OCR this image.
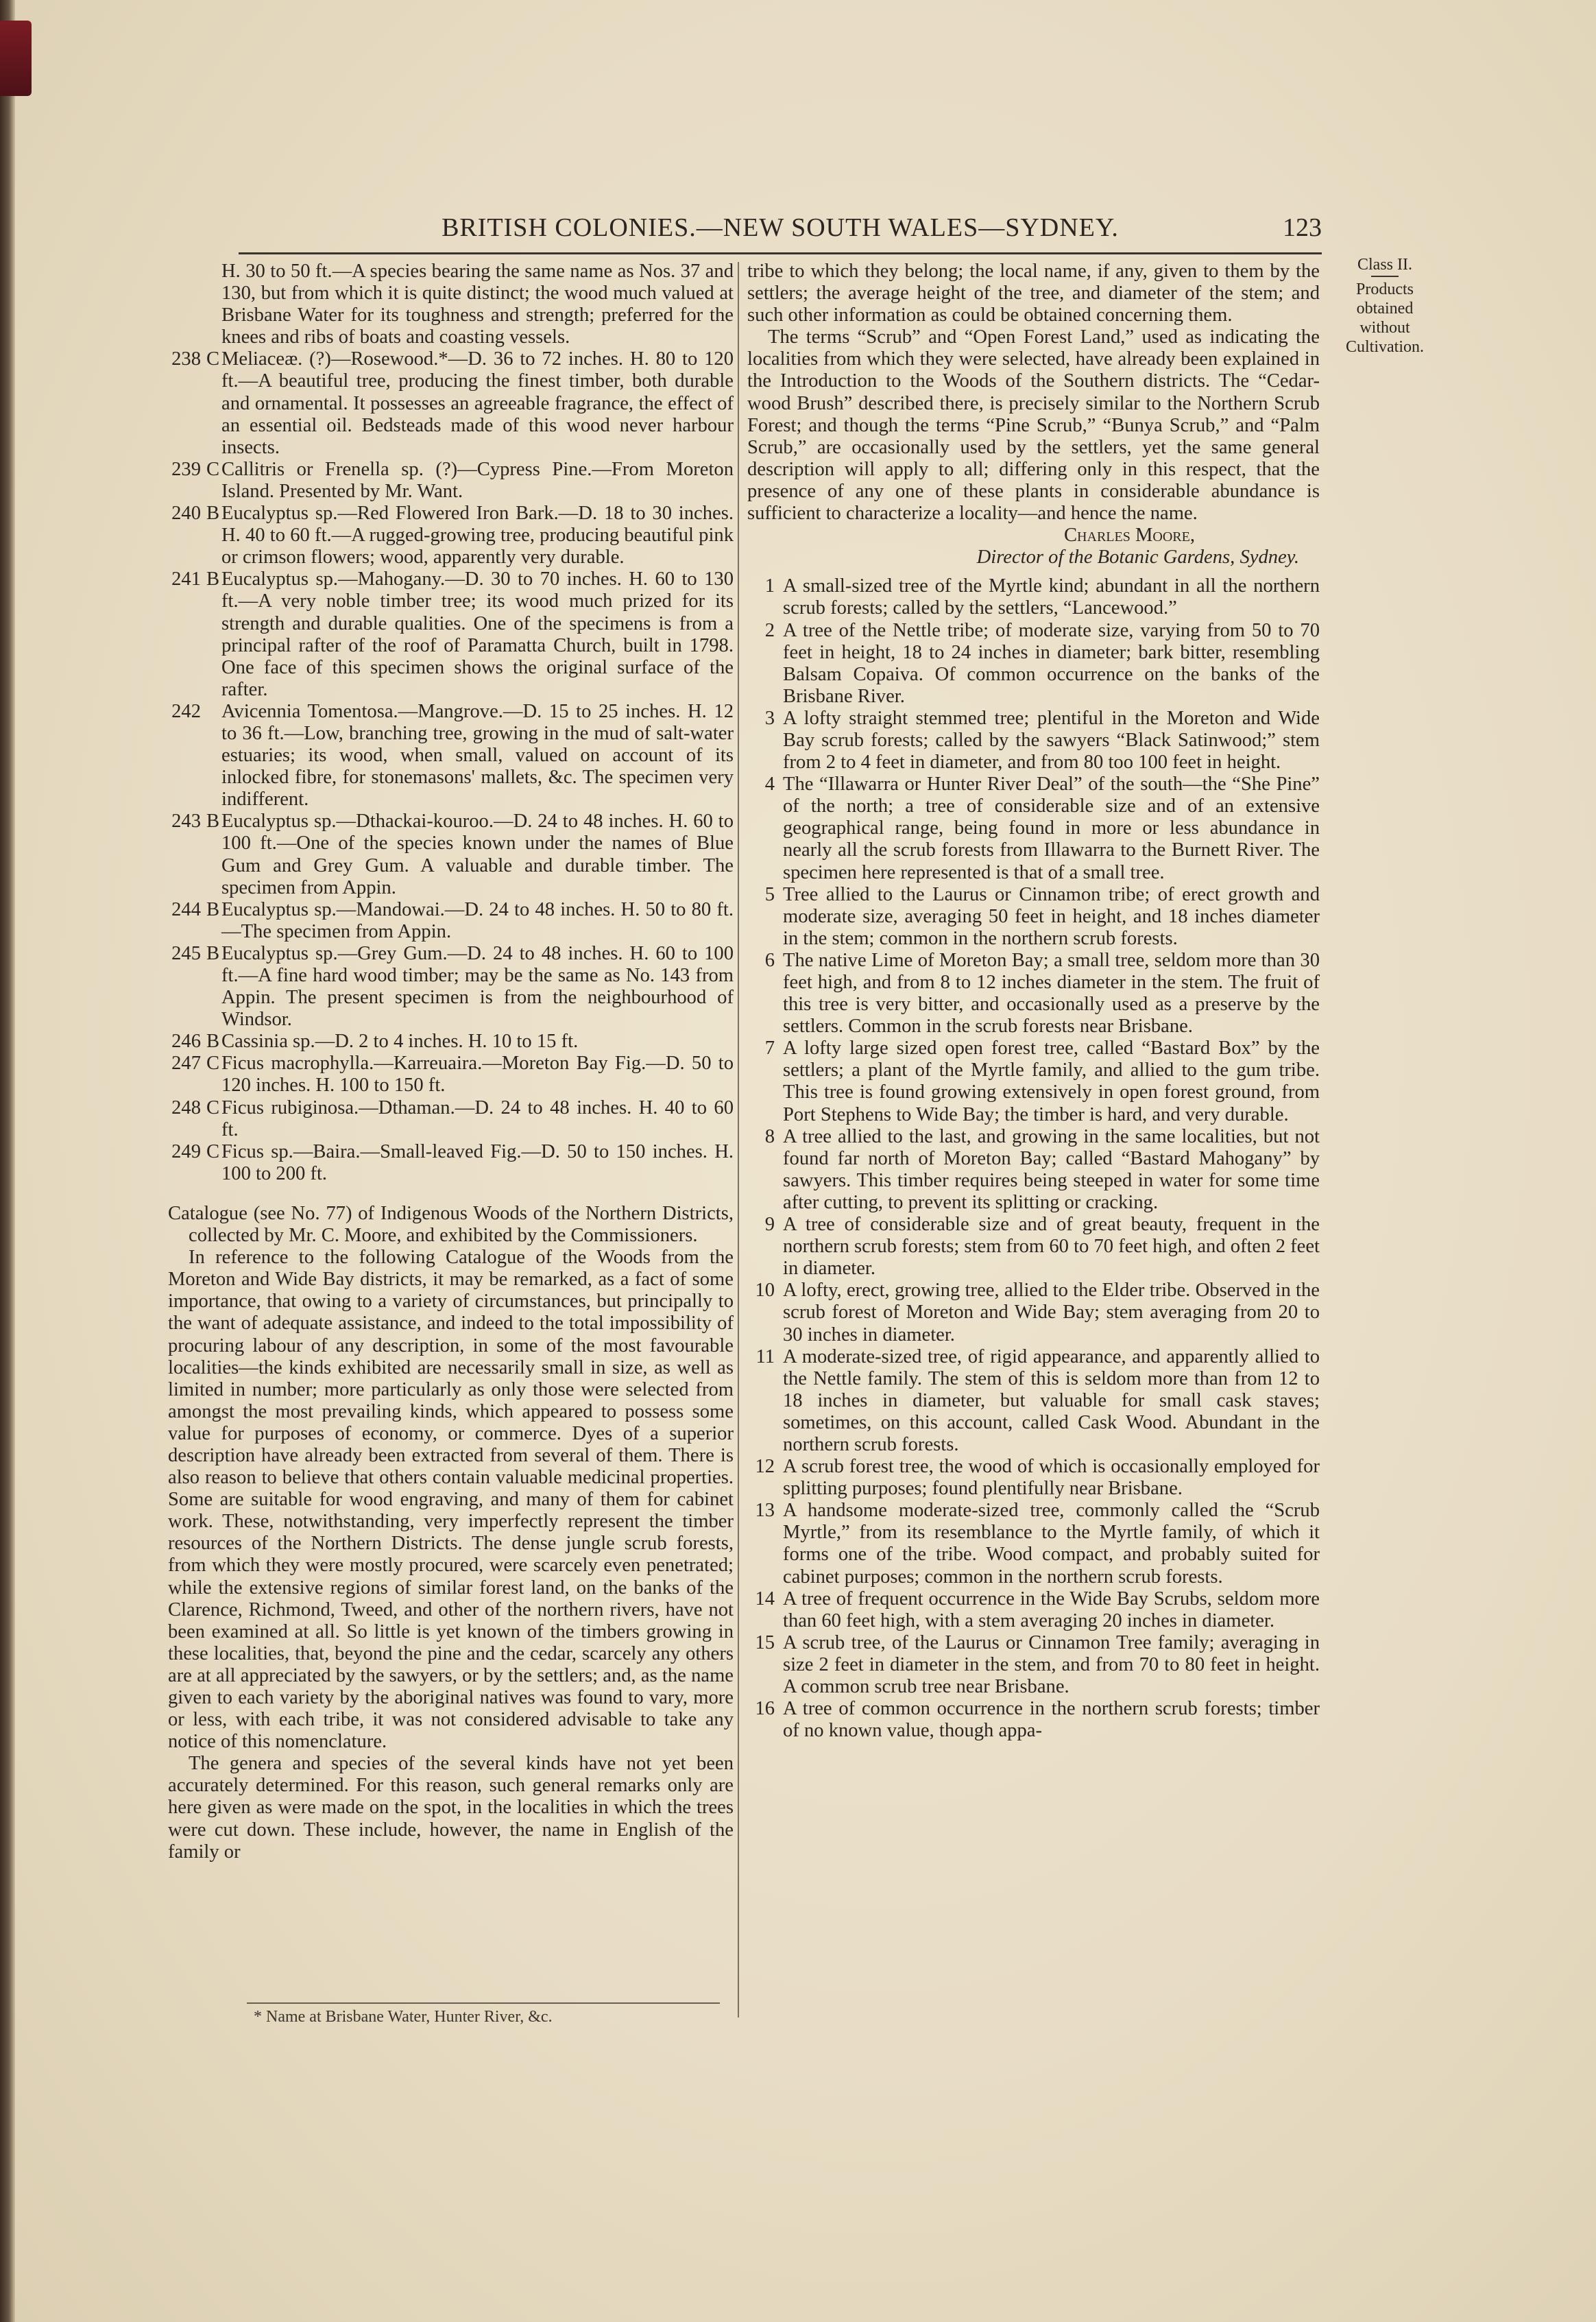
BRITISH COLONIES.—NEW SOUTH WALES—SYDNEY.	123
Class II.
Products
obtained
without
Cultivation.

H. 30 to 50 ft.—A species bearing the same name as Nos. 37 and 130, but from which it is quite distinct; the wood much valued at Brisbane Water for its toughness and strength; preferred for the knees and ribs of boats and coasting vessels.

238 C Meliaceæ. (?)—Rosewood.*—D. 36 to 72 inches. H. 80 to 120 ft.—A beautiful tree, producing the finest timber, both durable and ornamental. It possesses an agreeable fragrance, the effect of an essential oil. Bedsteads made of this wood never harbour insects.
239 C Callitris or Frenella sp. (?)—Cypress Pine.—From Moreton Island. Presented by Mr. Want.
240 B Eucalyptus sp.—Red Flowered Iron Bark.—D. 18 to 30 inches. H. 40 to 60 ft.—A rugged-growing tree, producing beautiful pink or crimson flowers; wood, apparently very durable.
241 B Eucalyptus sp.—Mahogany.—D. 30 to 70 inches. H. 60 to 130 ft.—A very noble timber tree; its wood much prized for its strength and durable qualities. One of the specimens is from a principal rafter of the roof of Paramatta Church, built in 1798. One face of this specimen shows the original surface of the rafter.
242 Avicennia Tomentosa.—Mangrove.—D. 15 to 25 inches. H. 12 to 36 ft.—Low, branching tree, growing in the mud of salt-water estuaries; its wood, when small, valued on account of its inlocked fibre, for stonemasons' mallets, &c. The specimen very indifferent.
243 B Eucalyptus sp.—Dthackai-kouroo.—D. 24 to 48 inches. H. 60 to 100 ft.—One of the species known under the names of Blue Gum and Grey Gum. A valuable and durable timber. The specimen from Appin.
244 B Eucalyptus sp.—Mandowai.—D. 24 to 48 inches. H. 50 to 80 ft.—The specimen from Appin.
245 B Eucalyptus sp.—Grey Gum.—D. 24 to 48 inches. H. 60 to 100 ft.—A fine hard wood timber; may be the same as No. 143 from Appin. The present specimen is from the neighbourhood of Windsor.
246 B Cassinia sp.—D. 2 to 4 inches. H. 10 to 15 ft.
247 C Ficus macrophylla.—Karreuaira.—Moreton Bay Fig.—D. 50 to 120 inches. H. 100 to 150 ft.
248 C Ficus rubiginosa.—Dthaman.—D. 24 to 48 inches. H. 40 to 60 ft.
249 C Ficus sp.—Baira.—Small-leaved Fig.—D. 50 to 150 inches. H. 100 to 200 ft.

Catalogue (see No. 77) of Indigenous Woods of the Northern Districts, collected by Mr. C. Moore, and exhibited by the Commissioners.

In reference to the following Catalogue of the Woods from the Moreton and Wide Bay districts, it may be remarked, as a fact of some importance, that owing to a variety of circumstances, but principally to the want of adequate assistance, and indeed to the total impossibility of procuring labour of any description, in some of the most favourable localities—the kinds exhibited are necessarily small in size, as well as limited in number; more particularly as only those were selected from amongst the most prevailing kinds, which appeared to possess some value for purposes of economy, or commerce. Dyes of a superior description have already been extracted from several of them. There is also reason to believe that others contain valuable medicinal properties. Some are suitable for wood engraving, and many of them for cabinet work. These, notwithstanding, very imperfectly represent the timber resources of the Northern Districts. The dense jungle scrub forests, from which they were mostly procured, were scarcely even penetrated; while the extensive regions of similar forest land, on the banks of the Clarence, Richmond, Tweed, and other of the northern rivers, have not been examined at all. So little is yet known of the timbers growing in these localities, that, beyond the pine and the cedar, scarcely any others are at all appreciated by the sawyers, or by the settlers; and, as the name given to each variety by the aboriginal natives was found to vary, more or less, with each tribe, it was not considered advisable to take any notice of this nomenclature.

The genera and species of the several kinds have not yet been accurately determined. For this reason, such general remarks only are here given as were made on the spot, in the localities in which the trees were cut down. These include, however, the name in English of the family or

* Name at Brisbane Water, Hunter River, &c.

tribe to which they belong; the local name, if any, given to them by the settlers; the average height of the tree, and diameter of the stem; and such other information as could be obtained concerning them.

The terms “Scrub” and “Open Forest Land,” used as indicating the localities from which they were selected, have already been explained in the Introduction to the Woods of the Southern districts. The “Cedar-wood Brush” described there, is precisely similar to the Northern Scrub Forest; and though the terms “Pine Scrub,” “Bunya Scrub,” and “Palm Scrub,” are occasionally used by the settlers, yet the same general description will apply to all; differing only in this respect, that the presence of any one of these plants in considerable abundance is sufficient to characterize a locality—and hence the name.

Charles Moore,
Director of the Botanic Gardens, Sydney.
1 A small-sized tree of the Myrtle kind; abundant in all the northern scrub forests; called by the settlers, “Lancewood.”
2 A tree of the Nettle tribe; of moderate size, varying from 50 to 70 feet in height, 18 to 24 inches in diameter; bark bitter, resembling Balsam Copaiva. Of common occurrence on the banks of the Brisbane River.
3 A lofty straight stemmed tree; plentiful in the Moreton and Wide Bay scrub forests; called by the sawyers “Black Satinwood;” stem from 2 to 4 feet in diameter, and from 80 too 100 feet in height.
4 The “Illawarra or Hunter River Deal” of the south—the “She Pine” of the north; a tree of considerable size and of an extensive geographical range, being found in more or less abundance in nearly all the scrub forests from Illawarra to the Burnett River. The specimen here represented is that of a small tree.
5 Tree allied to the Laurus or Cinnamon tribe; of erect growth and moderate size, averaging 50 feet in height, and 18 inches diameter in the stem; common in the northern scrub forests.
6 The native Lime of Moreton Bay; a small tree, seldom more than 30 feet high, and from 8 to 12 inches diameter in the stem. The fruit of this tree is very bitter, and occasionally used as a preserve by the settlers. Common in the scrub forests near Brisbane.
7 A lofty large sized open forest tree, called “Bastard Box” by the settlers; a plant of the Myrtle family, and allied to the gum tribe. This tree is found growing extensively in open forest ground, from Port Stephens to Wide Bay; the timber is hard, and very durable.
8 A tree allied to the last, and growing in the same localities, but not found far north of Moreton Bay; called “Bastard Mahogany” by sawyers. This timber requires being steeped in water for some time after cutting, to prevent its splitting or cracking.
9 A tree of considerable size and of great beauty, frequent in the northern scrub forests; stem from 60 to 70 feet high, and often 2 feet in diameter.
10 A lofty, erect, growing tree, allied to the Elder tribe. Observed in the scrub forest of Moreton and Wide Bay; stem averaging from 20 to 30 inches in diameter.
11 A moderate-sized tree, of rigid appearance, and apparently allied to the Nettle family. The stem of this is seldom more than from 12 to 18 inches in diameter, but valuable for small cask staves; sometimes, on this account, called Cask Wood. Abundant in the northern scrub forests.
12 A scrub forest tree, the wood of which is occasionally employed for splitting purposes; found plentifully near Brisbane.
13 A handsome moderate-sized tree, commonly called the “Scrub Myrtle,” from its resemblance to the Myrtle family, of which it forms one of the tribe. Wood compact, and probably suited for cabinet purposes; common in the northern scrub forests.
14 A tree of frequent occurrence in the Wide Bay Scrubs, seldom more than 60 feet high, with a stem averaging 20 inches in diameter.
15 A scrub tree, of the Laurus or Cinnamon Tree family; averaging in size 2 feet in diameter in the stem, and from 70 to 80 feet in height. A common scrub tree near Brisbane.
16 A tree of common occurrence in the northern scrub forests; timber of no known value, though appa-
